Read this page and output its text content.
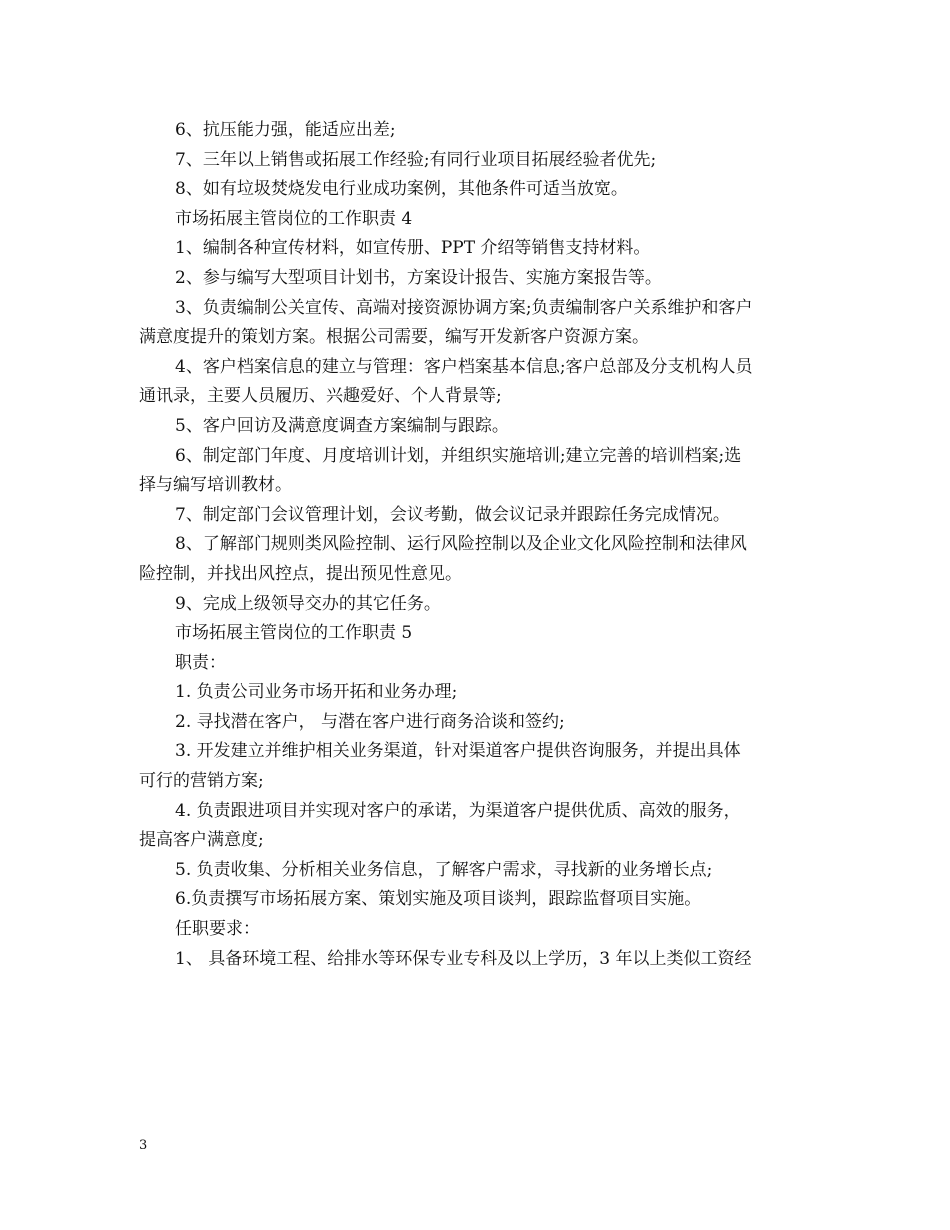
6、抗压能力强，能适应出差;
7、三年以上销售或拓展工作经验;有同行业项目拓展经验者优先;
8、如有垃圾焚烧发电行业成功案例，其他条件可适当放宽。
市场拓展主管岗位的工作职责 4
1、编制各种宣传材料，如宣传册、PPT 介绍等销售支持材料。
2、参与编写大型项目计划书，方案设计报告、实施方案报告等。
3、负责编制公关宣传、高端对接资源协调方案;负责编制客户关系维护和客户
满意度提升的策划方案。根据公司需要，编写开发新客户资源方案。
4、客户档案信息的建立与管理：客户档案基本信息;客户总部及分支机构人员
通讯录，主要人员履历、兴趣爱好、个人背景等;
5、客户回访及满意度调查方案编制与跟踪。
6、制定部门年度、月度培训计划，并组织实施培训;建立完善的培训档案;选
择与编写培训教材。
7、制定部门会议管理计划，会议考勤，做会议记录并跟踪任务完成情况。
8、了解部门规则类风险控制、运行风险控制以及企业文化风险控制和法律风
险控制，并找出风控点，提出预见性意见。
9、完成上级领导交办的其它任务。
市场拓展主管岗位的工作职责 5
职责：
1. 负责公司业务市场开拓和业务办理;
2. 寻找潜在客户， 与潜在客户进行商务洽谈和签约;
3. 开发建立并维护相关业务渠道，针对渠道客户提供咨询服务，并提出具体
可行的营销方案;
4. 负责跟进项目并实现对客户的承诺，为渠道客户提供优质、高效的服务，
提高客户满意度;
5. 负责收集、分析相关业务信息，了解客户需求，寻找新的业务增长点;
6.负责撰写市场拓展方案、策划实施及项目谈判，跟踪监督项目实施。
任职要求：
1、 具备环境工程、给排水等环保专业专科及以上学历，3 年以上类似工资经
3
